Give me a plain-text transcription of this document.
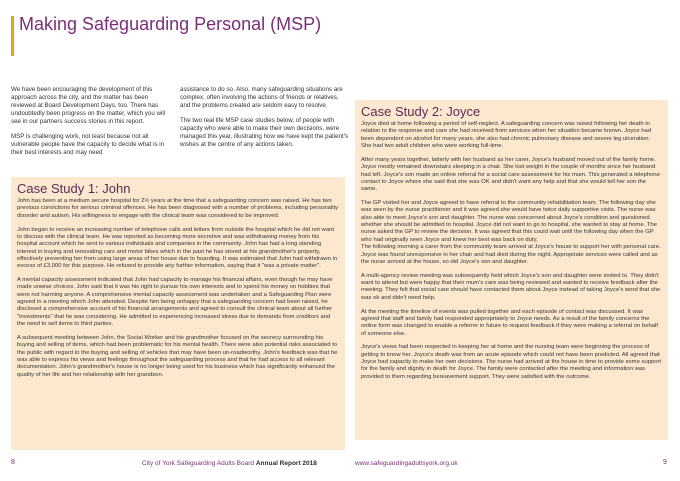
Making Safeguarding Personal (MSP)

We have been encouraging the development of this approach across the city, and the matter has been reviewed at Board Development Days, too. There has undoubtedly been progress on the matter, which you will see in our partners success stories in this report.

MSP is challenging work, not least because not all vulnerable people have the capacity to decide what is in their best interests and may need

assistance to do so. Also, many safeguarding situations are complex, often involving the actions of friends or relatives, and the problems created are seldom easy to resolve.

The two real life MSP case studies below, of people with capacity who were able to make their own decisions, were managed this year, illustrating how we have kept the patient's wishes at the centre of any actions taken.

Case Study 1: John

John has been at a medium secure hospital for 2½ years at the time that a safeguarding concern was raised. He has two previous convictions for serious criminal offences. He has been diagnosed with a number of problems, including personality disorder and autism. His willingness to engage with the clinical team was considered to be improved.

John began to receive an increasing number of telephone calls and letters from outside the hospital which he did not want to discuss with the clinical team. He was reported as becoming more secretive and was withdrawing money from his hospital account which he sent to various individuals and companies in the community. John has had a long standing interest in buying and renovating cars and motor bikes which in the past he has stored at his grandmother's property, effectively preventing her from using large areas of her house due to hoarding. It was estimated that John had withdrawn in excess of £3,000 for this purpose. He refused to provide any further information, saying that it "was a private matter".

A mental capacity assessment indicated that John had capacity to manage his financial affairs, even though he may have made unwise choices. John said that it was his right to pursue his own interests and to spend his money on hobbies that were not harming anyone. A comprehensive mental capacity assessment was undertaken and a Safeguarding Plan were agreed in a meeting which John attended. Despite him being unhappy that a safeguarding concern had been raised, he disclosed a comprehensive account of his financial arrangements and agreed to consult the clinical team about all further "investments" that he was considering. He admitted to experiencing increased stress due to demands from creditors and the need to sell items to third parties.

A subsequent meeting between John, the Social Worker and his grandmother focused on the secrecy surrounding his buying and selling of items, which had been problematic for his mental health. There were also potential risks associated to the public with regard to the buying and selling of vehicles that may have been un-roadworthy. John's feedback was that he was able to express his views and feelings throughout the safeguarding process and that he had access to all relevant documentation. John's grandmother's house is no longer being used for his business which has significantly enhanced the quality of her life and her relationship with her grandson.

Case Study 2: Joyce

Joyce died at home following a period of self-neglect. A safeguarding concern was raised following her death in relation to the response and care she had received from services when her situation became known. Joyce had been dependent on alcohol for many years, she also had chronic pulmonary disease and severe leg ulceration. She had two adult children who were working full-time.

After many years together, latterly with her husband as her carer, Joyce's husband moved out of the family home. Joyce mostly remained downstairs sleeping in a chair. She lost weight in the couple of months since her husband had left. Joyce's son made an online referral for a social care assessment for his mum. This generated a telephone contact to Joyce where she said that she was OK and didn't want any help and that she would tell her son the same.

The GP visited her and Joyce agreed to have referral to the community rehabilitation team. The following day she was seen by the nurse practitioner and it was agreed she would have twice daily supportive visits. The nurse was also able to meet Joyce's son and daughter. The nurse was concerned about Joyce's condition and questioned whether she should be admitted to hospital. Joyce did not want to go to hospital, she wanted to stay at home. The nurse asked the GP to review the decision. It was agreed that this could wait until the following day when the GP who had originally seen Joyce and knew her best was back on duty.
The following morning a carer from the community team arrived at Joyce's house to support her with personal care. Joyce was found unresponsive in her chair and had died during the night. Appropriate services were called and as the nurse arrived at the house, so did Joyce's son and daughter.

A multi-agency review meeting was subsequently held which Joyce's son and daughter were invited to. They didn't want to attend but were happy that their mum's care was being reviewed and wanted to receive feedback after the meeting. They felt that social care should have contacted them about Joyce instead of taking Joyce's word that she was ok and didn't need help.

At the meeting the timeline of events was pulled together and each episode of contact was discussed. It was agreed that staff and family had responded appropriately to Joyce needs. As a result of the family concerns the online form was changed to enable a referrer in future to request feedback if they were making a referral on behalf of someone else.

Joyce's views had been respected in keeping her at home and the nursing team were beginning the process of getting to know her. Joyce's death was from an acute episode which could not have been predicted. All agreed that Joyce had capacity to make her own decisions. The nurse had arrived at the house in time to provide some support for the family and dignity in death for Joyce. The family were contacted after the meeting and information was provided to them regarding bereavement support. They were satisfied with the outcome.

8	City of York Safeguarding Adults Board Annual Report 2018	www.safeguardingadultsyork.org.uk	9
